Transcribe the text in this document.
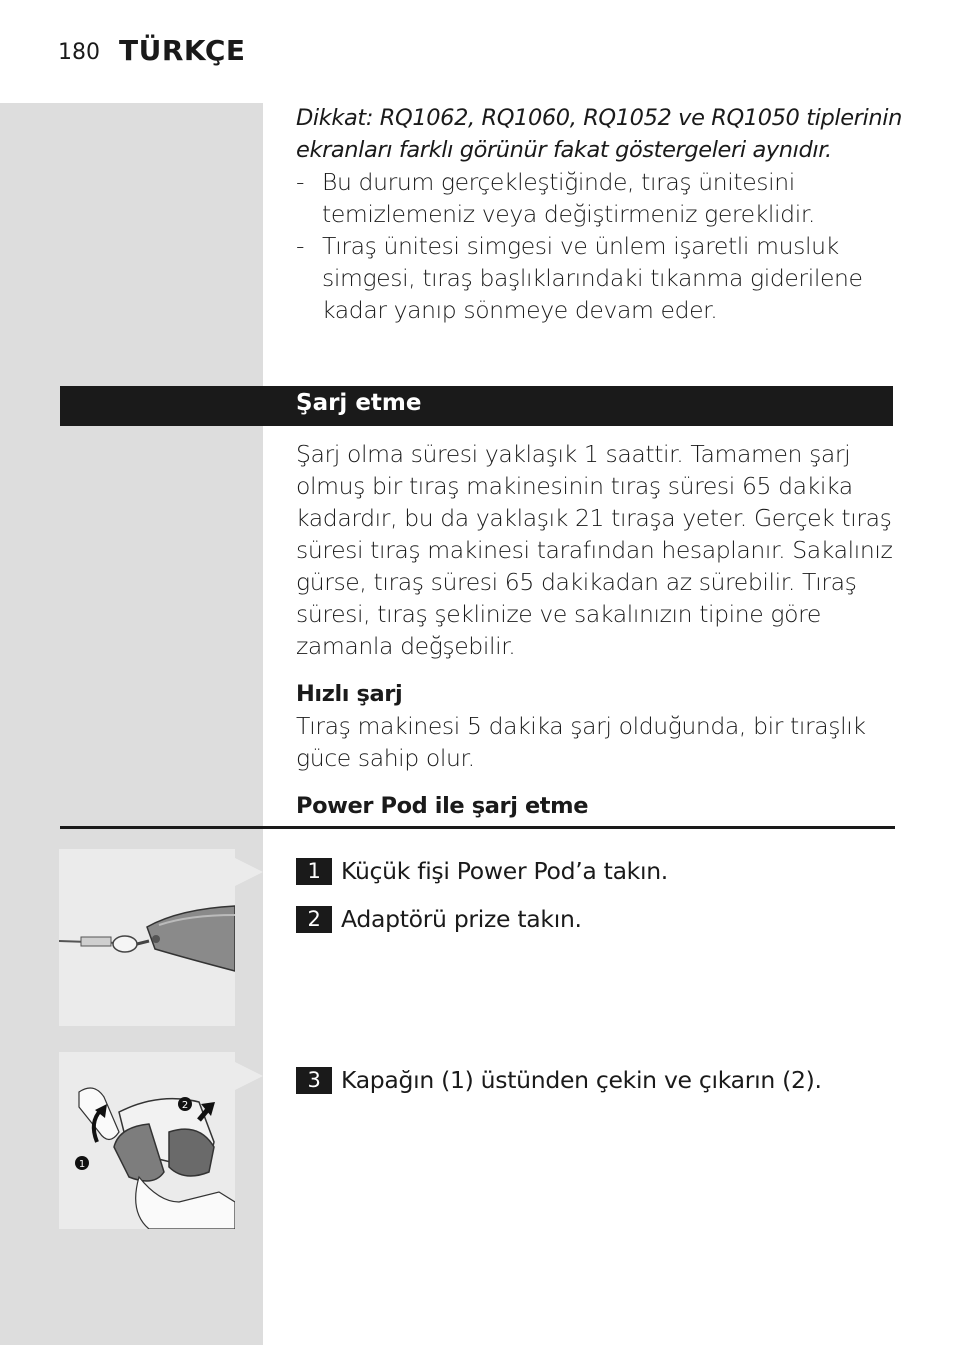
180 TÜRKÇE

Dikkat: RQ1062, RQ1060, RQ1052 ve RQ1050 tiplerinin ekranları farklı görünür fakat göstergeleri aynıdır.

- Bu durum gerçekleştiğinde, tıraş ünitesini temizlemeniz veya değiştirmeniz gereklidir.
- Tıraş ünitesi simgesi ve ünlem işaretli musluk simgesi, tıraş başlıklarındaki tıkanma giderilene kadar yanıp sönmeye devam eder.
Şarj etme

Şarj olma süresi yaklaşık 1 saattir. Tamamen şarj olmuş bir tıraş makinesinin tıraş süresi 65 dakika kadardır, bu da yaklaşık 21 tıraşa yeter. Gerçek tıraş süresi tıraş makinesi tarafından hesaplanır. Sakalınız gürse, tıraş süresi 65 dakikadan az sürebilir. Tıraş süresi, tıraş şeklinize ve sakalınızın tipine göre zamanla değşebilir.

Hızlı şarj

Tıraş makinesi 5 dakika şarj olduğunda, bir tıraşlık güce sahip olur.

Power Pod ile şarj etme

1
2
1 Küçük fişi Power Pod’a takın.
2 Adaptörü prize takın.
3 Kapağın (1) üstünden çekin ve çıkarın (2).
